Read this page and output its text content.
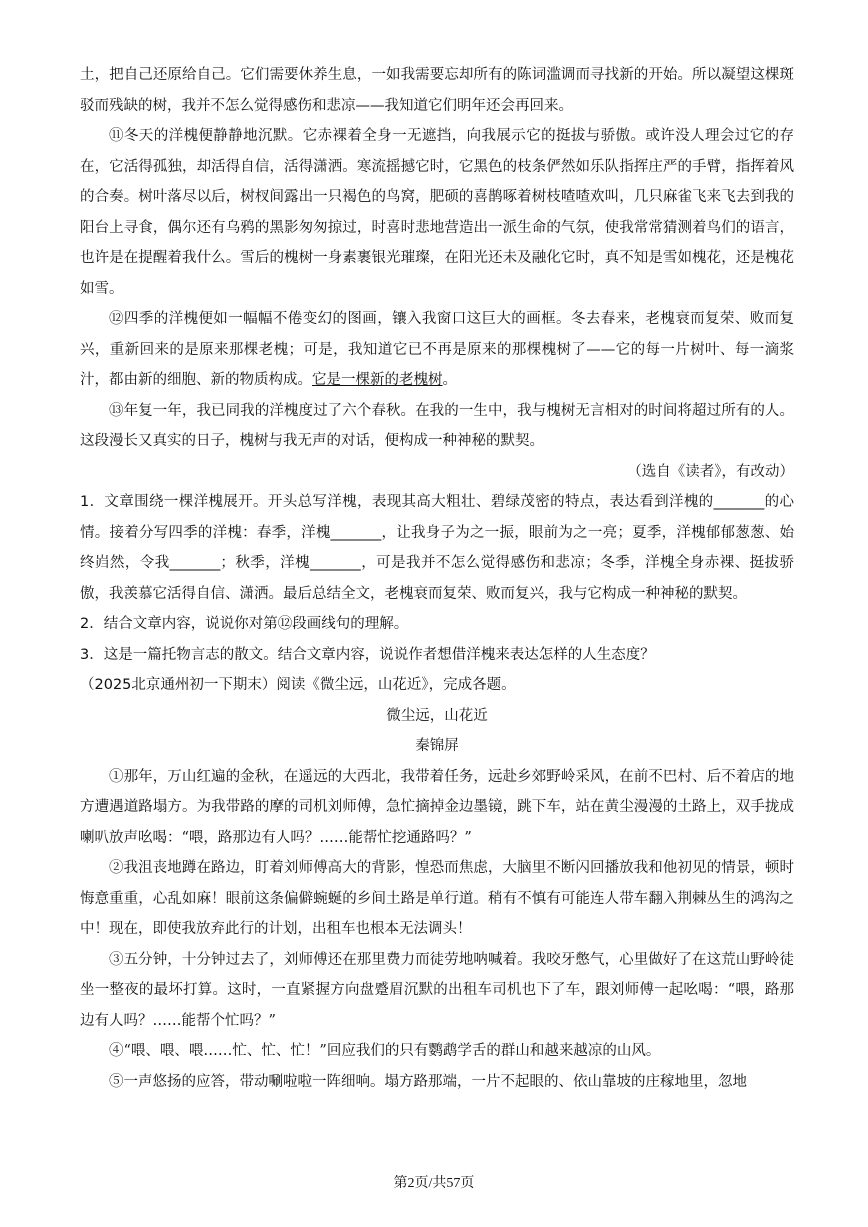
土，把自己还原给自己。它们需要休养生息，一如我需要忘却所有的陈词滥调而寻找新的开始。所以凝望这棵斑驳而残缺的树，我并不怎么觉得感伤和悲凉——我知道它们明年还会再回来。

⑪冬天的洋槐便静静地沉默。它赤裸着全身一无遮挡，向我展示它的挺拔与骄傲。或许没人理会过它的存在，它活得孤独，却活得自信，活得潇洒。寒流摇撼它时，它黑色的枝条俨然如乐队指挥庄严的手臂，指挥着风的合奏。树叶落尽以后，树杈间露出一只褐色的鸟窝，肥硕的喜鹊啄着树枝喳喳欢叫，几只麻雀飞来飞去到我的阳台上寻食，偶尔还有乌鸦的黑影匆匆掠过，时喜时悲地营造出一派生命的气氛，使我常常猜测着鸟们的语言，也许是在提醒着我什么。雪后的槐树一身素裹银光璀璨，在阳光还未及融化它时，真不知是雪如槐花，还是槐花如雪。

⑫四季的洋槐便如一幅幅不倦变幻的图画，镶入我窗口这巨大的画框。冬去春来，老槐衰而复荣、败而复兴，重新回来的是原来那棵老槐；可是，我知道它已不再是原来的那棵槐树了——它的每一片树叶、每一滴浆汁，都由新的细胞、新的物质构成。它是一棵新的老槐树。

⑬年复一年，我已同我的洋槐度过了六个春秋。在我的一生中，我与槐树无言相对的时间将超过所有的人。这段漫长又真实的日子，槐树与我无声的对话，便构成一种神秘的默契。

（选自《读者》，有改动）

1．文章围绕一棵洋槐展开。开头总写洋槐，表现其高大粗壮、碧绿茂密的特点，表达看到洋槐的_______的心情。接着分写四季的洋槐：春季，洋槐_______，让我身子为之一振，眼前为之一亮；夏季，洋槐郁郁葱葱、始终岿然，令我_______；秋季，洋槐_______，可是我并不怎么觉得感伤和悲凉；冬季，洋槐全身赤裸、挺拔骄傲，我羡慕它活得自信、潇洒。最后总结全文，老槐衰而复荣、败而复兴，我与它构成一种神秘的默契。

2．结合文章内容，说说你对第⑫段画线句的理解。

3．这是一篇托物言志的散文。结合文章内容，说说作者想借洋槐来表达怎样的人生态度？

（2025北京通州初一下期末）阅读《微尘远，山花近》，完成各题。

微尘远，山花近

秦锦屏

①那年，万山红遍的金秋，在遥远的大西北，我带着任务，远赴乡郊野岭采风，在前不巴村、后不着店的地方遭遇道路塌方。为我带路的摩的司机刘师傅，急忙摘掉金边墨镜，跳下车，站在黄尘漫漫的土路上，双手拢成喇叭放声吆喝：“喂，路那边有人吗？……能帮忙挖通路吗？”

②我沮丧地蹲在路边，盯着刘师傅高大的背影，惶恐而焦虑，大脑里不断闪回播放我和他初见的情景，顿时悔意重重，心乱如麻！眼前这条偏僻蜿蜒的乡间土路是单行道。稍有不慎有可能连人带车翻入荆棘丛生的鸿沟之中！现在，即使我放弃此行的计划，出租车也根本无法调头！

③五分钟，十分钟过去了，刘师傅还在那里费力而徒劳地呐喊着。我咬牙憋气，心里做好了在这荒山野岭徒坐一整夜的最坏打算。这时，一直紧握方向盘蹙眉沉默的出租车司机也下了车，跟刘师傅一起吆喝：“喂，路那边有人吗？……能帮个忙吗？”

④“喂、喂、喂……忙、忙、忙！”回应我们的只有鹦鹉学舌的群山和越来越凉的山风。

⑤一声悠扬的应答，带动唰啦啦一阵细响。塌方路那端，一片不起眼的、依山靠坡的庄稼地里，忽地

第2页/共57页
